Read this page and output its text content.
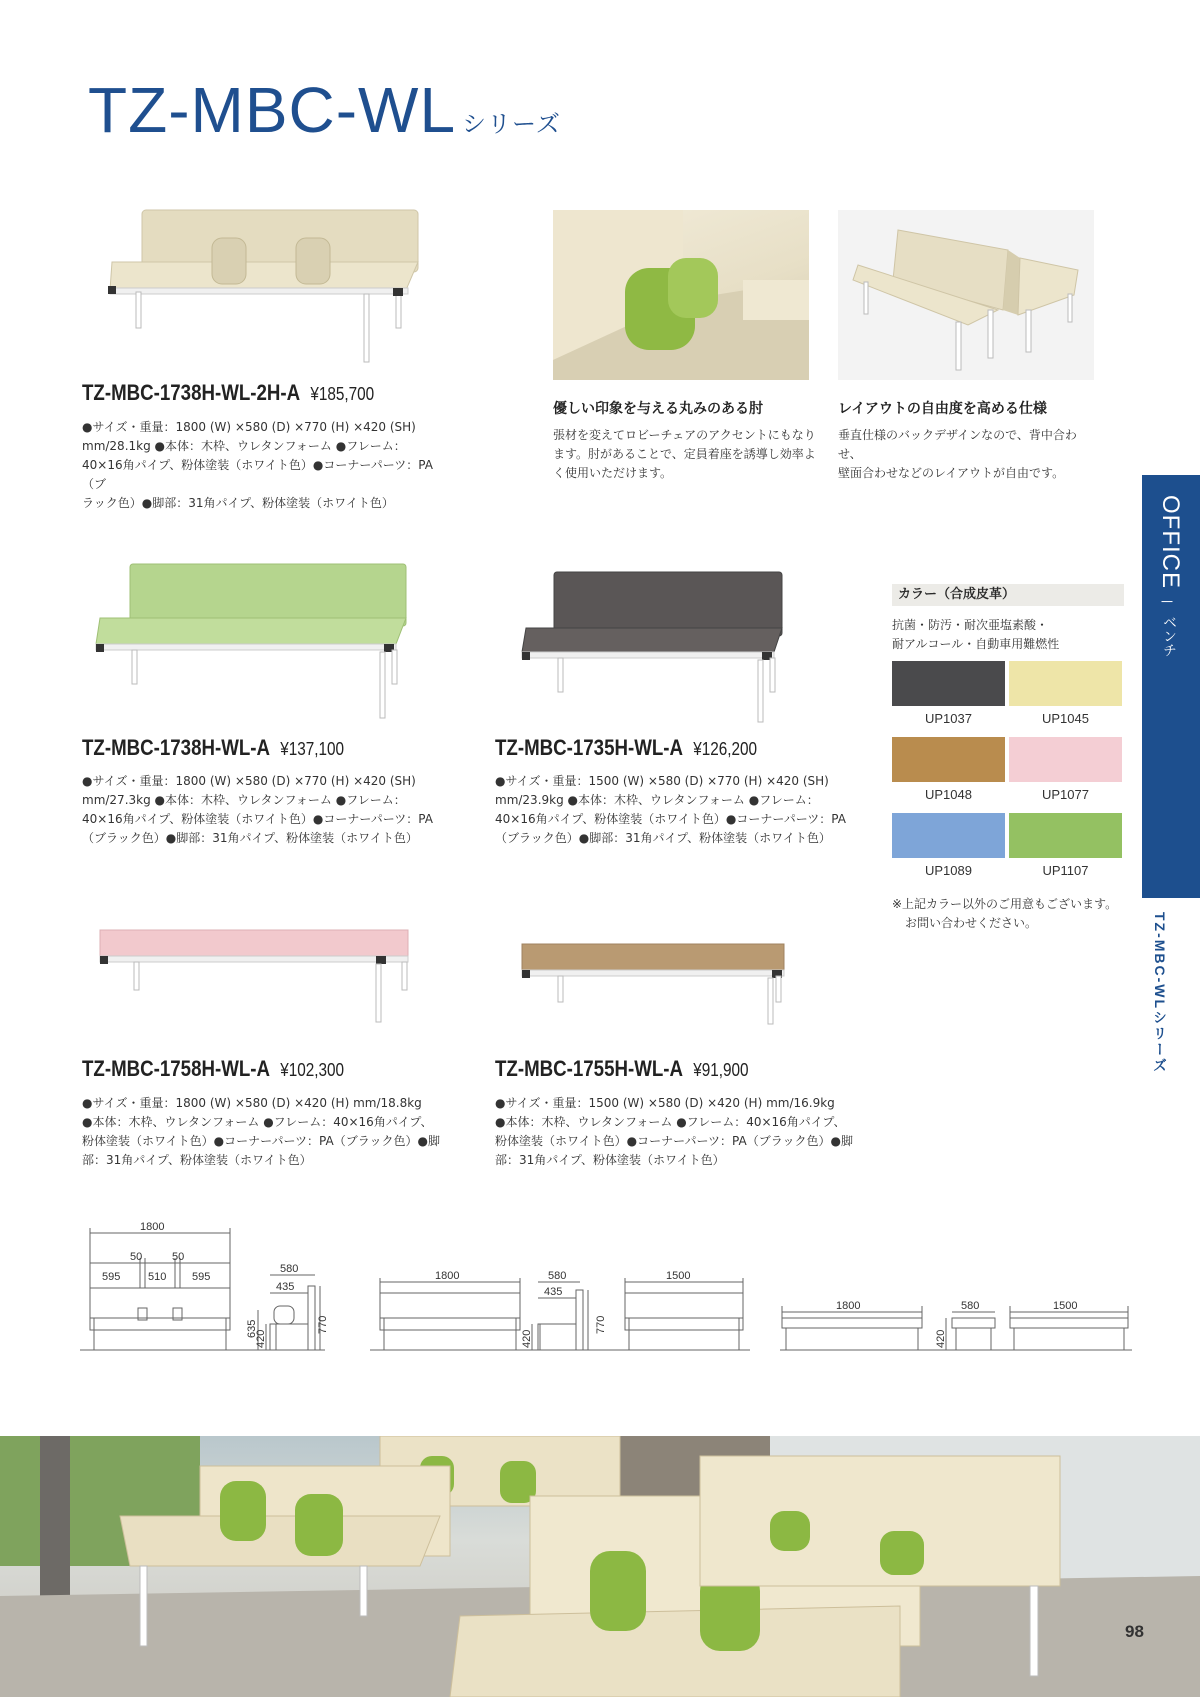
TZ-MBC-WL シリーズ
TZ-MBC-1738H-WL-2H-A ¥185,700
●サイズ・重量：1800 (W) ×580 (D) ×770 (H) ×420 (SH)
mm/28.1kg ●本体：木枠、ウレタンフォーム ●フレーム：
40×16角パイプ、粉体塗装（ホワイト色）●コーナーパーツ：PA（ブ
ラック色）●脚部：31角パイプ、粉体塗装（ホワイト色）
優しい印象を与える丸みのある肘
張材を変えてロビーチェアのアクセントにもなり
ます。肘があることで、定員着座を誘導し効率よ
く使用いただけます。
レイアウトの自由度を高める仕様
垂直仕様のバックデザインなので、背中合わせ、
壁面合わせなどのレイアウトが自由です。
TZ-MBC-1738H-WL-A ¥137,100
●サイズ・重量：1800 (W) ×580 (D) ×770 (H) ×420 (SH)
mm/27.3kg ●本体：木枠、ウレタンフォーム ●フレーム：
40×16角パイプ、粉体塗装（ホワイト色）●コーナーパーツ：PA
（ブラック色）●脚部：31角パイプ、粉体塗装（ホワイト色）
TZ-MBC-1735H-WL-A ¥126,200
●サイズ・重量：1500 (W) ×580 (D) ×770 (H) ×420 (SH)
mm/23.9kg ●本体：木枠、ウレタンフォーム ●フレーム：
40×16角パイプ、粉体塗装（ホワイト色）●コーナーパーツ：PA
（ブラック色）●脚部：31角パイプ、粉体塗装（ホワイト色）
カラー（合成皮革）
抗菌・防汚・耐次亜塩素酸・
耐アルコール・自動車用難燃性
UP1037	UP1045
UP1048	UP1077
UP1089	UP1107
※上記カラー以外のご用意もございます。
お問い合わせください。
OFFICE
|
ベンチ
TZ-MBC-WLシリーズ
TZ-MBC-1758H-WL-A ¥102,300
●サイズ・重量：1800 (W) ×580 (D) ×420 (H) mm/18.8kg
●本体：木枠、ウレタンフォーム ●フレーム：40×16角パイプ、
粉体塗装（ホワイト色）●コーナーパーツ：PA（ブラック色）●脚
部：31角パイプ、粉体塗装（ホワイト色）
TZ-MBC-1755H-WL-A ¥91,900
●サイズ・重量：1500 (W) ×580 (D) ×420 (H) mm/16.9kg
●本体：木枠、ウレタンフォーム ●フレーム：40×16角パイプ、
粉体塗装（ホワイト色）●コーナーパーツ：PA（ブラック色）●脚
部：31角パイプ、粉体塗装（ホワイト色）
1800
50	50
595	510 595
580
435
635
420
770
1800	580
435
420
770
1500
1800	580	1500
420
98
